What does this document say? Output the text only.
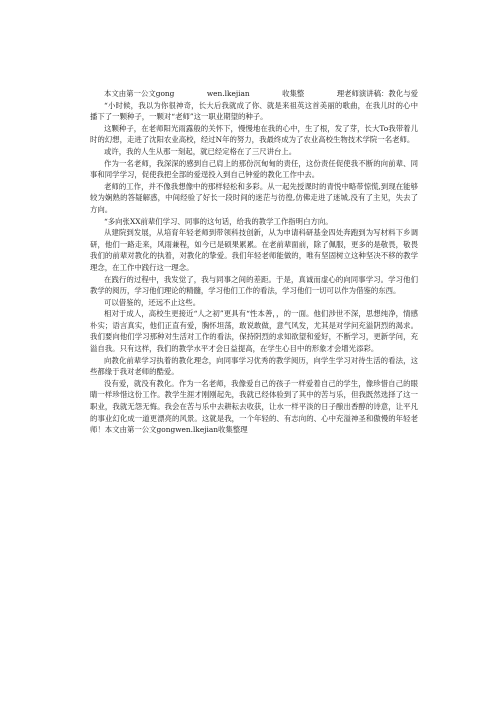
本文由第一公文gong	wen.lkejian	收集整	理老师演讲稿：教化与爱

“小时候，我以为你很神奇，长大后我就成了你、就是来祖英这首美丽的歌曲，在我儿时的心中播下了一颗种子，一颗对“老师”这一职业期望的种子。

这颗种子，在老师阳光雨露般的关怀下，慢慢地在我的心中，生了根，发了芽，长大To我带着儿时的幻想，走进了沈阳农业高校，经过N年的努力，我最终成为了农业高校生物技术学院一名老师。

或许，我的人生从那一刻起，就已经定格在了三尺讲台上。

作为一名老师，我深深的感到自己肩上的那份沉甸甸的责任，这份责任促使我不断的向前辈、同事和同学学习，促使我把全部的爱逞投入到自己钟爱的教化工作中去。

老师的工作，并不像我想像中的那样轻松和多彩。从一起先授课时的青悦中略带惊慌,到现在能够较为娴熟的答疑解惑，中间经验了好长一段时间的迷茫与彷徨,仿佛走进了迷城,没有了主见，失去了方向。

“多向张XX前辈们学习、同事的这句话，给我的教学工作指明白方向。

从建院到发展，从培育年轻老师到带领科技创新，从为申请科研基金四处奔跑到为写材料下乡调研，他们一路走来，风雨兼程，如今已是硕果累累。在老前辈面前，除了佩服，更多的是敬畏，敬畏我们的前辈对教化的执着，对教化的挚爱。我们年轻老师能做的，唯有坚固树立这种坚决不移的教学理念，在工作中践行这一理念。

在践行的过程中，我发觉了，我与同事之间的差距。于是，真诚而虚心的向同事学习。学习他们教学的阅历，学习他们理论的精髓，学习他们工作的看法，学习他们一切可以作为借鉴的东西。

可以借鉴的，还远不止这些。

相对于成人，高校生更接近“人之初”更具有“性本善，，的一面。他们涉世不深，思想纯净，情感朴实；语言真实，他们正直有爱，胸怀坦荡，敢说敢做，意气风发，尤其是对学问充溢阴烈的渴求。我们要向他们学习那种对生活对工作的看法，保持阴烈的求知欲望和爱好，不断学习，更新学问，充溢自我。只有这样，我们的教学水平才会日益提高，在学生心目中的形象才会增光添彩。

向教化前辈学习执着的教化理念，向同事学习优秀的教学阅历，向学生学习对待生活的看法，这些都缘于我对老师的酷爱。

没有爱，就没有教化。作为一名老师，我像爱自己的孩子一样爱着自己的学生，像珍惜自己的眼睛一样珍惜这份工作。教学生涯才刚刚起先，我就已经体验到了其中的苦与乐，但我既然选择了这一职业，我就无怨无悔。我会在苦与乐中去耕耘去收获，让水一样平淡的日子酿出香醇的诗意，让平凡的事业幻化成一道更漂亮的风景。这就是我，一个年轻的、有志向的、心中充溢神圣和傲慢的年轻老师！本文由第一公文gongwen.lkejian收集整理
